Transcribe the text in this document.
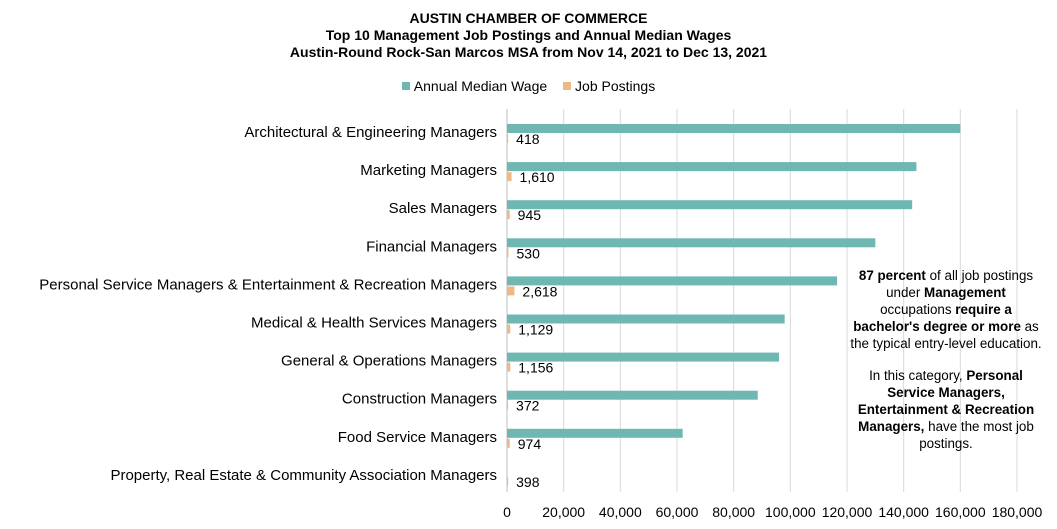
AUSTIN CHAMBER OF COMMERCE
Top 10 Management Job Postings and Annual Median Wages
Austin-Round Rock-San Marcos MSA from Nov 14, 2021 to Dec 13, 2021
Annual Median Wage Job Postings
0 20,000 40,000 60,000 80,000 100,000 120,000 140,000 160,000 180,000
Architectural & Engineering Managers 418
Marketing Managers 1,610
Sales Managers 945
Financial Managers 530
Personal Service Managers & Entertainment & Recreation Managers 2,618
Medical & Health Services Managers 1,129
General & Operations Managers 1,156
Construction Managers 372
Food Service Managers 974
Property, Real Estate & Community Association Managers 398

87 percent of all job postings under Management occupations require a bachelor's degree or more as the typical entry-level education.

In this category, Personal Service Managers, Entertainment & Recreation Managers, have the most job postings.
